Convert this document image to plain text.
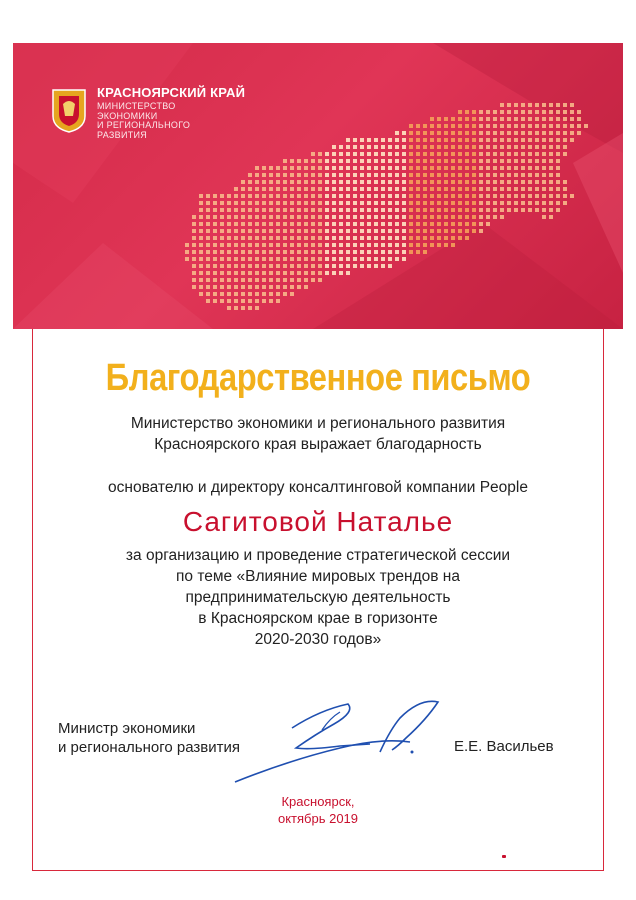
КРАСНОЯРСКИЙ КРАЙ
МИНИСТЕРСТВО
ЭКОНОМИКИ
И РЕГИОНАЛЬНОГО
РАЗВИТИЯ
Благодарственное письмо
Министерство экономики и регионального развития
Красноярского края выражает благодарность
основателю и директору консалтинговой компании People
Сагитовой Наталье
за организацию и проведение стратегической сессии
по теме «Влияние мировых трендов на
предпринимательскую деятельность
в Красноярском крае в горизонте
2020-2030 годов»
Министр экономики
и регионального развития	Е.Е. Васильев
Красноярск,
октябрь 2019
